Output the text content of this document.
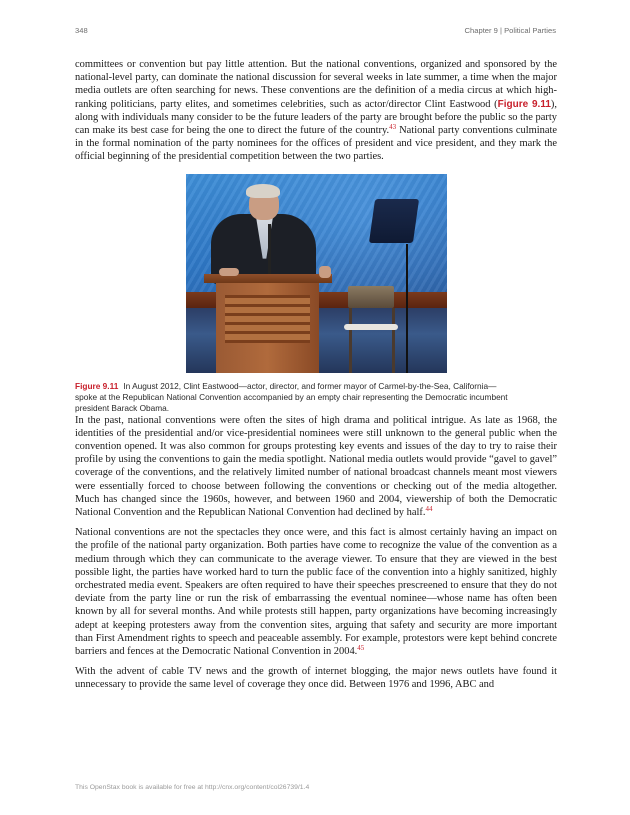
348	Chapter 9 | Political Parties

committees or convention but pay little attention. But the national conventions, organized and sponsored by the national-level party, can dominate the national discussion for several weeks in late summer, a time when the major media outlets are often searching for news. These conventions are the definition of a media circus at which high-ranking politicians, party elites, and sometimes celebrities, such as actor/director Clint Eastwood (Figure 9.11), along with individuals many consider to be the future leaders of the party are brought before the public so the party can make its best case for being the one to direct the future of the country.$^{43}$ National party conventions culminate in the formal nomination of the party nominees for the offices of president and vice president, and they mark the official beginning of the presidential competition between the two parties.

Figure 9.11 In August 2012, Clint Eastwood—actor, director, and former mayor of Carmel-by-the-Sea, California—spoke at the Republican National Convention accompanied by an empty chair representing the Democratic incumbent president Barack Obama.

In the past, national conventions were often the sites of high drama and political intrigue. As late as 1968, the identities of the presidential and/or vice-presidential nominees were still unknown to the general public when the convention opened. It was also common for groups protesting key events and issues of the day to try to raise their profile by using the conventions to gain the media spotlight. National media outlets would provide “gavel to gavel” coverage of the conventions, and the relatively limited number of national broadcast channels meant most viewers were essentially forced to choose between following the conventions or checking out of the media altogether. Much has changed since the 1960s, however, and between 1960 and 2004, viewership of both the Democratic National Convention and the Republican National Convention had declined by half.$^{44}$

National conventions are not the spectacles they once were, and this fact is almost certainly having an impact on the profile of the national party organization. Both parties have come to recognize the value of the convention as a medium through which they can communicate to the average viewer. To ensure that they are viewed in the best possible light, the parties have worked hard to turn the public face of the convention into a highly sanitized, highly orchestrated media event. Speakers are often required to have their speeches prescreened to ensure that they do not deviate from the party line or run the risk of embarrassing the eventual nominee—whose name has often been known by all for several months. And while protests still happen, party organizations have becoming increasingly adept at keeping protesters away from the convention sites, arguing that safety and security are more important than First Amendment rights to speech and peaceable assembly. For example, protestors were kept behind concrete barriers and fences at the Democratic National Convention in 2004.45

With the advent of cable TV news and the growth of internet blogging, the major news outlets have found it unnecessary to provide the same level of coverage they once did. Between 1976 and 1996, ABC and

This OpenStax book is available for free at http://cnx.org/content/col26739/1.4
